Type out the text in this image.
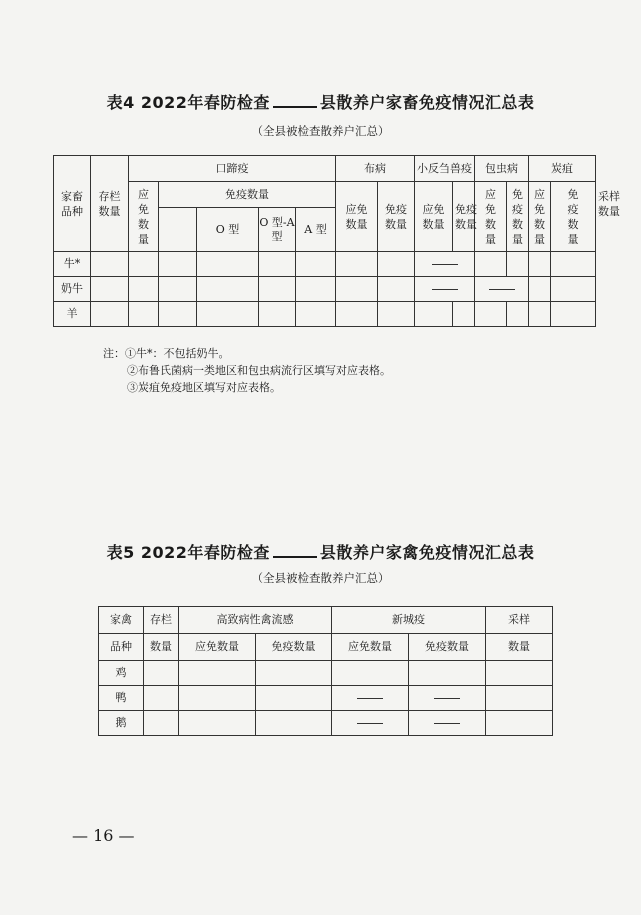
表4 2022年春防检查	县散养户家畜免疫情况汇总表
（全县被检查散养户汇总）
家畜品种	存栏数量	口蹄疫					布病		小反刍兽疫		包虫病		炭疽		采样数量

		应免数量	免疫数量				应免数量	免疫数量	应免数量	免疫数量	应免数量	免疫数量	应免数量	免疫数量	

				O 型	O 型-A 型	A 型									

牛*															
奶牛															
羊															
注：①牛*：不包括奶牛。
②布鲁氏菌病一类地区和包虫病流行区填写对应表格。
③炭疽免疫地区填写对应表格。
表5 2022年春防检查	县散养户家禽免疫情况汇总表
（全县被检查散养户汇总）
家禽	存栏	高致病性禽流感		新城疫		采样
品种	数量	应免数量	免疫数量	应免数量	免疫数量	数量
鸡						
鸭						
鹅						
— 16 —
